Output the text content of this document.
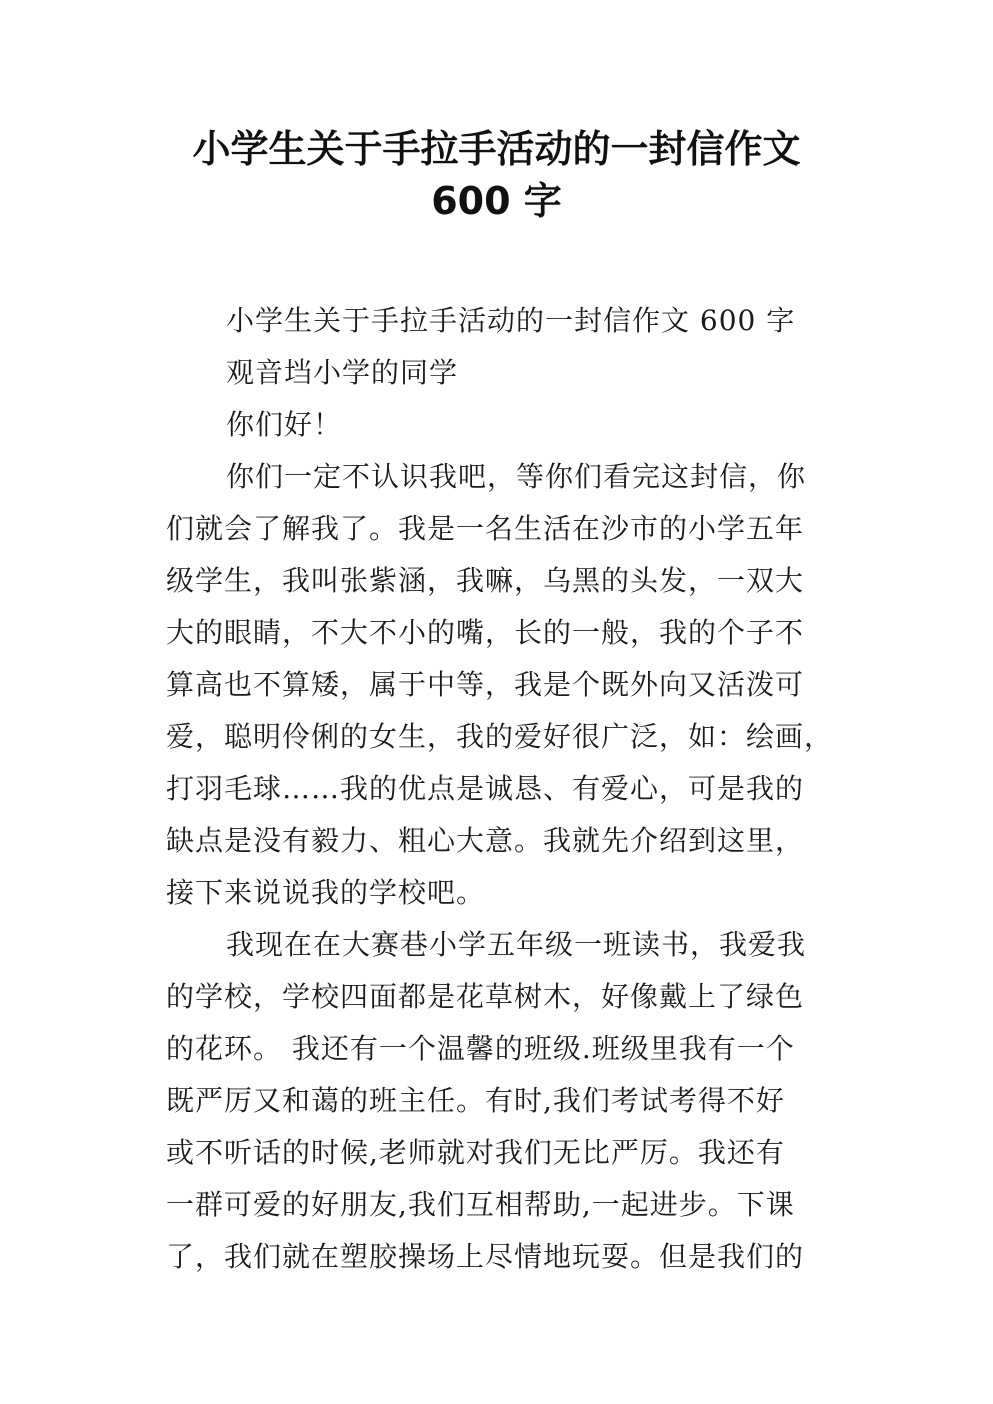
小学生关于手拉手活动的一封信作文
600 字
小学生关于手拉手活动的一封信作文 600 字
观音垱小学的同学
你们好！
你们一定不认识我吧，等你们看完这封信，你
们就会了解我了。我是一名生活在沙市的小学五年
级学生，我叫张紫涵，我嘛，乌黑的头发，一双大
大的眼睛，不大不小的嘴，长的一般，我的个子不
算高也不算矮，属于中等，我是个既外向又活泼可
爱，聪明伶俐的女生，我的爱好很广泛，如：绘画，
打羽毛球……我的优点是诚恳、有爱心，可是我的
缺点是没有毅力、粗心大意。我就先介绍到这里，
接下来说说我的学校吧。
我现在在大赛巷小学五年级一班读书，我爱我
的学校，学校四面都是花草树木，好像戴上了绿色
的花环。 我还有一个温馨的班级.班级里我有一个
既严厉又和蔼的班主任。有时,我们考试考得不好
或不听话的时候,老师就对我们无比严厉。我还有
一群可爱的好朋友,我们互相帮助,一起进步。下课
了，我们就在塑胶操场上尽情地玩耍。但是我们的
